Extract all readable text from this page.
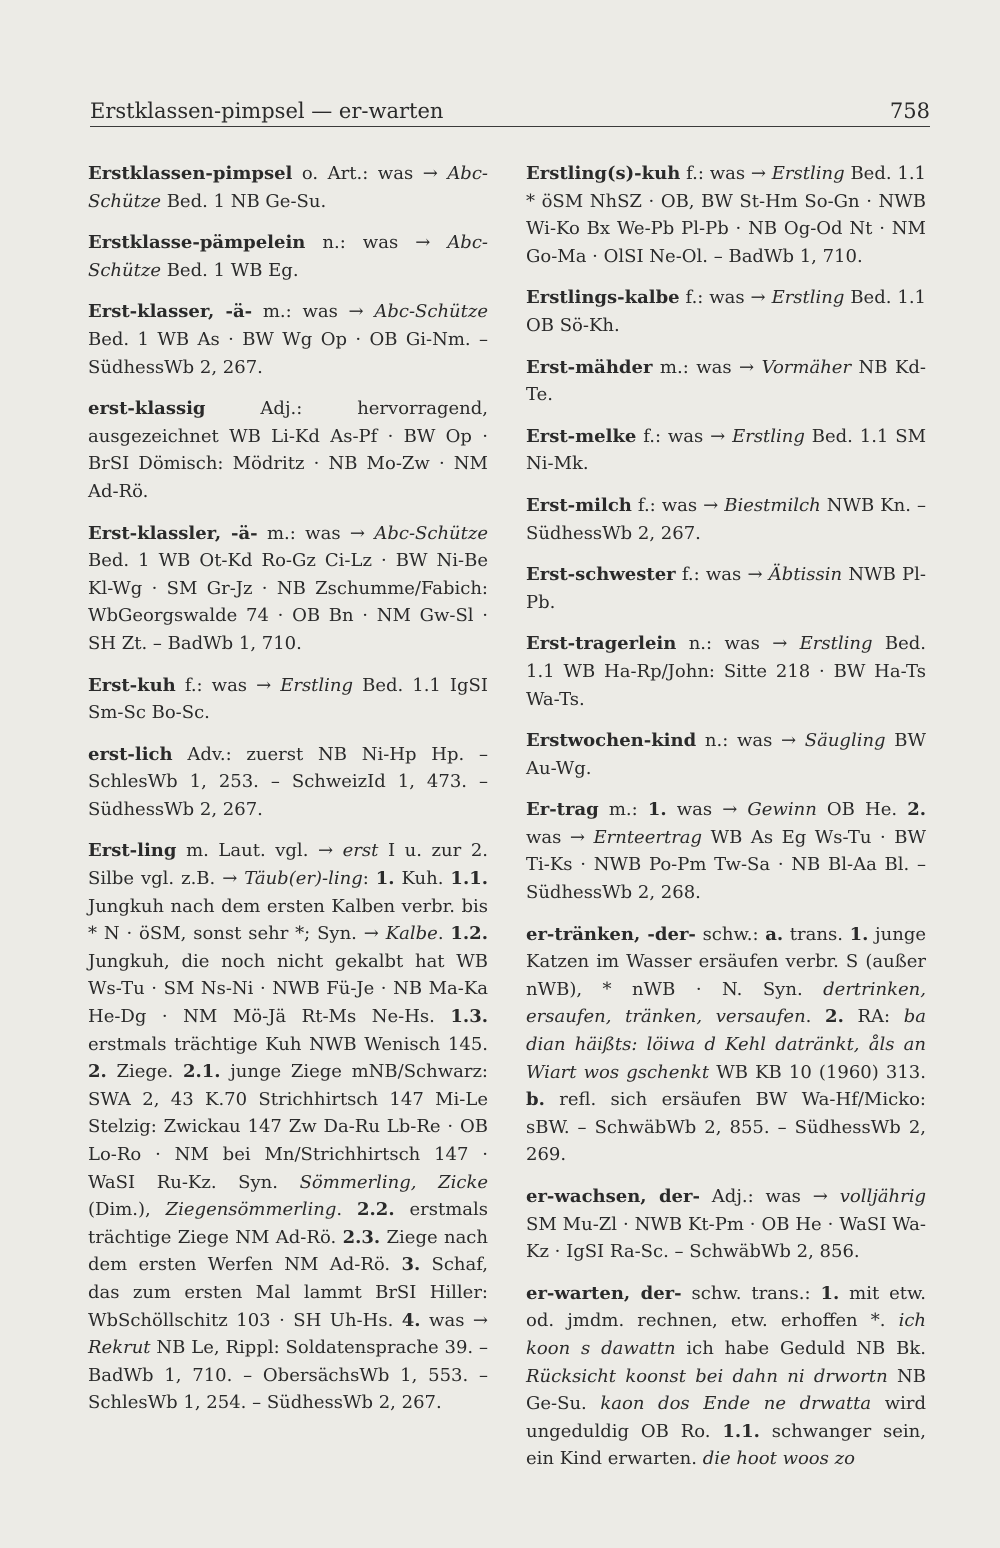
Erstklassen-pimpsel — er-warten	758

Erstklassen-pimpsel o. Art.: was → Abc-Schütze Bed. 1 NB Ge-Su.

Erstklasse-pämpelein n.: was → Abc-Schütze Bed. 1 WB Eg.

Erst-klasser, -ä- m.: was → Abc-Schütze Bed. 1 WB As · BW Wg Op · OB Gi-Nm. – SüdhessWb 2, 267.

erst-klassig Adj.: hervorragend, ausgezeichnet WB Li-Kd As-Pf · BW Op · BrSI Dömisch: Mödritz · NB Mo-Zw · NM Ad-Rö.

Erst-klassler, -ä- m.: was → Abc-Schütze Bed. 1 WB Ot-Kd Ro-Gz Ci-Lz · BW Ni-Be Kl-Wg · SM Gr-Jz · NB Zschumme/Fabich: WbGeorgswalde 74 · OB Bn · NM Gw-Sl · SH Zt. – BadWb 1, 710.

Erst-kuh f.: was → Erstling Bed. 1.1 IgSI Sm-Sc Bo-Sc.

erst-lich Adv.: zuerst NB Ni-Hp Hp. – SchlesWb 1, 253. – SchweizId 1, 473. – SüdhessWb 2, 267.

Erst-ling m. Laut. vgl. → erst I u. zur 2. Silbe vgl. z.B. → Täub(er)-ling: 1. Kuh. 1.1. Jungkuh nach dem ersten Kalben verbr. bis * N · öSM, sonst sehr *; Syn. → Kalbe. 1.2. Jungkuh, die noch nicht gekalbt hat WB Ws-Tu · SM Ns-Ni · NWB Fü-Je · NB Ma-Ka He-Dg · NM Mö-Jä Rt-Ms Ne-Hs. 1.3. erstmals trächtige Kuh NWB Wenisch 145. 2. Ziege. 2.1. junge Ziege mNB/Schwarz: SWA 2, 43 K.70 Strichhirtsch 147 Mi-Le Stelzig: Zwickau 147 Zw Da-Ru Lb-Re · OB Lo-Ro · NM bei Mn/Strichhirtsch 147 · WaSI Ru-Kz. Syn. Sömmerling, Zicke (Dim.), Ziegensömmerling. 2.2. erstmals trächtige Ziege NM Ad-Rö. 2.3. Ziege nach dem ersten Werfen NM Ad-Rö. 3. Schaf, das zum ersten Mal lammt BrSI Hiller: WbSchöllschitz 103 · SH Uh-Hs. 4. was → Rekrut NB Le, Rippl: Soldatensprache 39. – BadWb 1, 710. – ObersächsWb 1, 553. – SchlesWb 1, 254. – SüdhessWb 2, 267.

Erstling(s)-kuh f.: was → Erstling Bed. 1.1 * öSM NhSZ · OB, BW St-Hm So-Gn · NWB Wi-Ko Bx We-Pb Pl-Pb · NB Og-Od Nt · NM Go-Ma · OlSI Ne-Ol. – BadWb 1, 710.

Erstlings-kalbe f.: was → Erstling Bed. 1.1 OB Sö-Kh.

Erst-mähder m.: was → Vormäher NB Kd-Te.

Erst-melke f.: was → Erstling Bed. 1.1 SM Ni-Mk.

Erst-milch f.: was → Biestmilch NWB Kn. – SüdhessWb 2, 267.

Erst-schwester f.: was → Äbtissin NWB Pl-Pb.

Erst-tragerlein n.: was → Erstling Bed. 1.1 WB Ha-Rp/John: Sitte 218 · BW Ha-Ts Wa-Ts.

Erstwochen-kind n.: was → Säugling BW Au-Wg.

Er-trag m.: 1. was → Gewinn OB He. 2. was → Ernteertrag WB As Eg Ws-Tu · BW Ti-Ks · NWB Po-Pm Tw-Sa · NB Bl-Aa Bl. – SüdhessWb 2, 268.

er-tränken, -der- schw.: a. trans. 1. junge Katzen im Wasser ersäufen verbr. S (außer nWB), * nWB · N. Syn. dertrinken, ersaufen, tränken, versaufen. 2. RA: ba dian häißts: löiwa d Kehl datränkt, åls an Wiart wos gschenkt WB KB 10 (1960) 313. b. refl. sich ersäufen BW Wa-Hf/Micko: sBW. – SchwäbWb 2, 855. – SüdhessWb 2, 269.

er-wachsen, der- Adj.: was → volljährig SM Mu-Zl · NWB Kt-Pm · OB He · WaSI Wa-Kz · IgSI Ra-Sc. – SchwäbWb 2, 856.

er-warten, der- schw. trans.: 1. mit etw. od. jmdm. rechnen, etw. erhoffen *. ich koon s dawattn ich habe Geduld NB Bk. Rücksicht koonst bei dahn ni drwortn NB Ge-Su. kaon dos Ende ne drwatta wird ungeduldig OB Ro. 1.1. schwanger sein, ein Kind erwarten. die hoot woos zo
